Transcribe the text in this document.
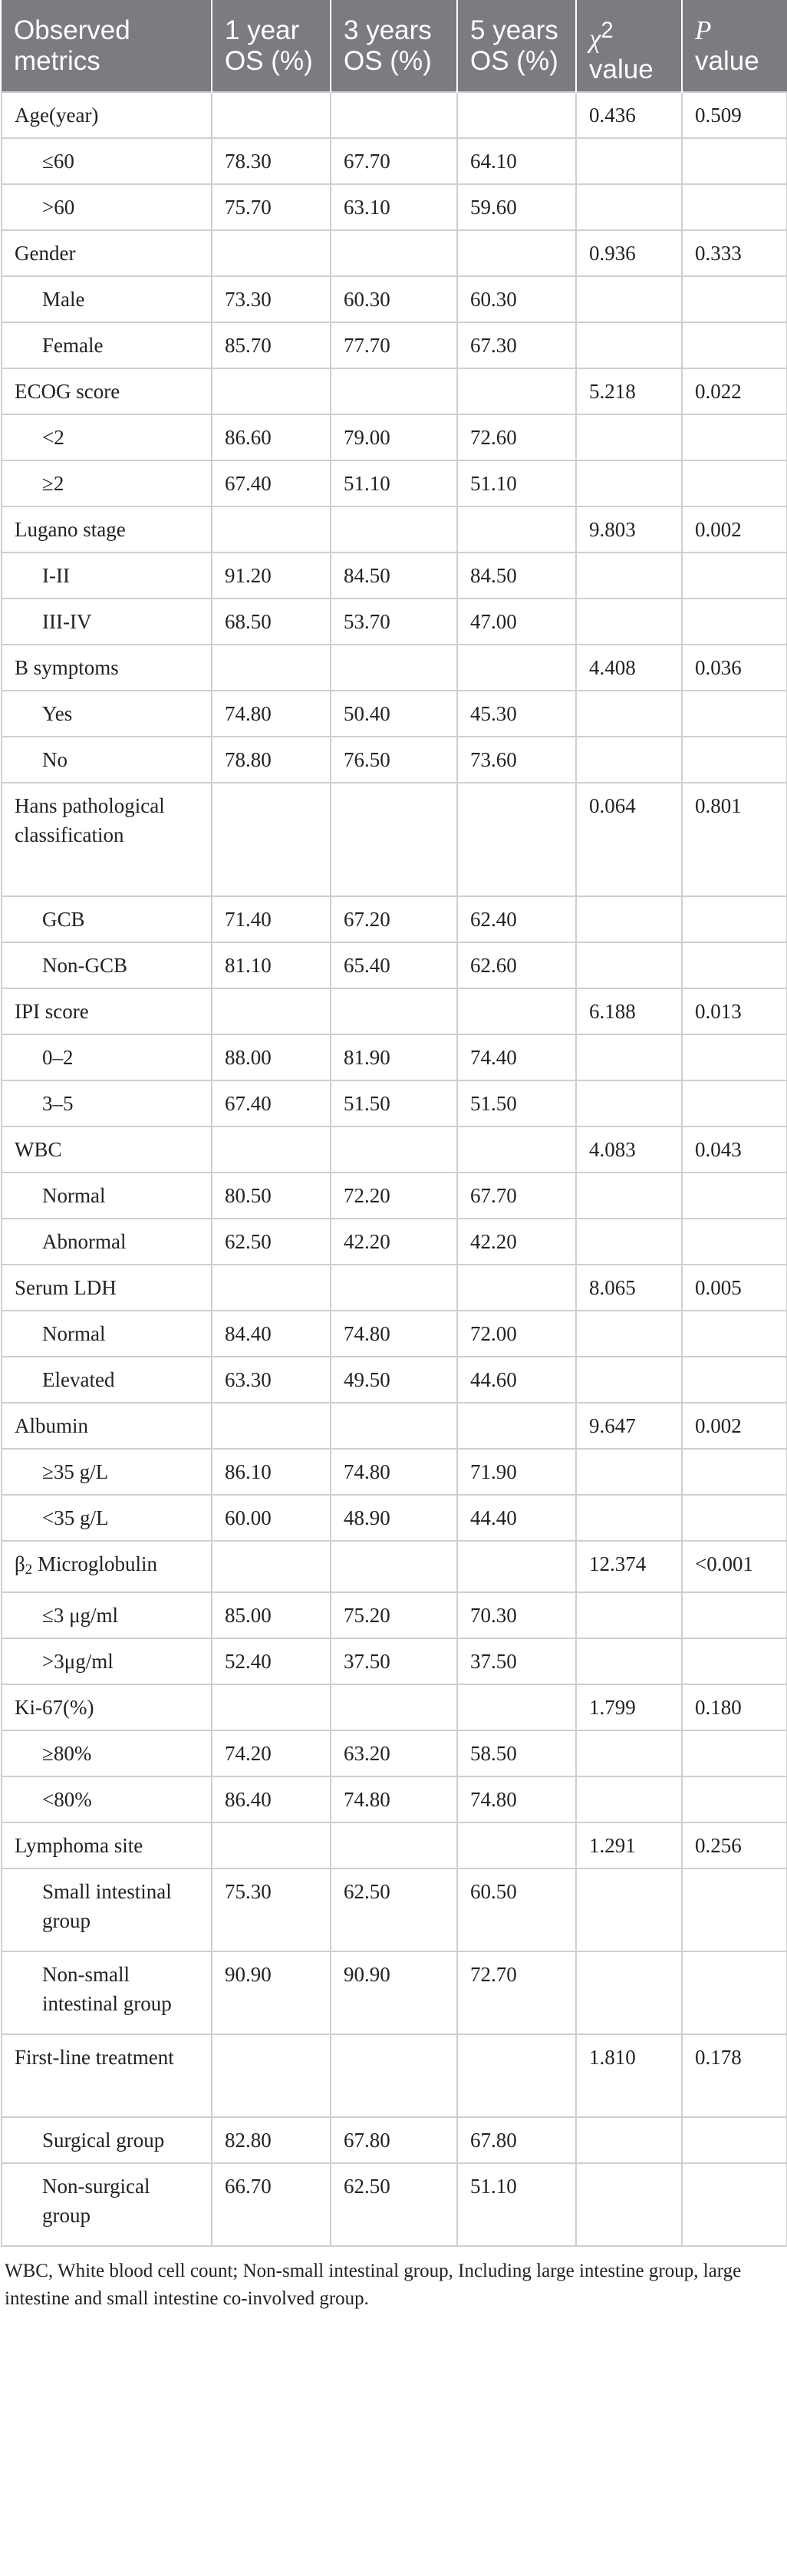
Observed metrics	1 year OS (%)	3 years OS (%)	5 years OS (%)	$\chi^2$ value	P value
Age(year)				0.436	0.509
≤60	78.30	67.70	64.10		
>60	75.70	63.10	59.60		
Gender				0.936	0.333
Male	73.30	60.30	60.30		
Female	85.70	77.70	67.30		
ECOG score				5.218	0.022
<2	86.60	79.00	72.60		
≥2	67.40	51.10	51.10		
Lugano stage				9.803	0.002
I-II	91.20	84.50	84.50		
III-IV	68.50	53.70	47.00		
B symptoms				4.408	0.036
Yes	74.80	50.40	45.30		
No	78.80	76.50	73.60		
Hans pathological classification				0.064	0.801
GCB	71.40	67.20	62.40		
Non-GCB	81.10	65.40	62.60		
IPI score				6.188	0.013
0–2	88.00	81.90	74.40		
3–5	67.40	51.50	51.50		
WBC				4.083	0.043
Normal	80.50	72.20	67.70		
Abnormal	62.50	42.20	42.20		
Serum LDH				8.065	0.005
Normal	84.40	74.80	72.00		
Elevated	63.30	49.50	44.60		
Albumin				9.647	0.002
≥35 g/L	86.10	74.80	71.90		
<35 g/L	60.00	48.90	44.40		
$\beta_2$ Microglobulin				12.374	<0.001
≤3 μg/ml	85.00	75.20	70.30		
>3μg/ml	52.40	37.50	37.50		
Ki-67(%)				1.799	0.180
≥80%	74.20	63.20	58.50		
<80%	86.40	74.80	74.80		
Lymphoma site				1.291	0.256
Small intestinal group	75.30	62.50	60.50		
Non-small intestinal group	90.90	90.90	72.70		
First-line treatment				1.810	0.178
Surgical group	82.80	67.80	67.80		
Non-surgical group	66.70	62.50	51.10		
WBC, White blood cell count; Non-small intestinal group, Including large intestine group, large intestine and small intestine co-involved group.
